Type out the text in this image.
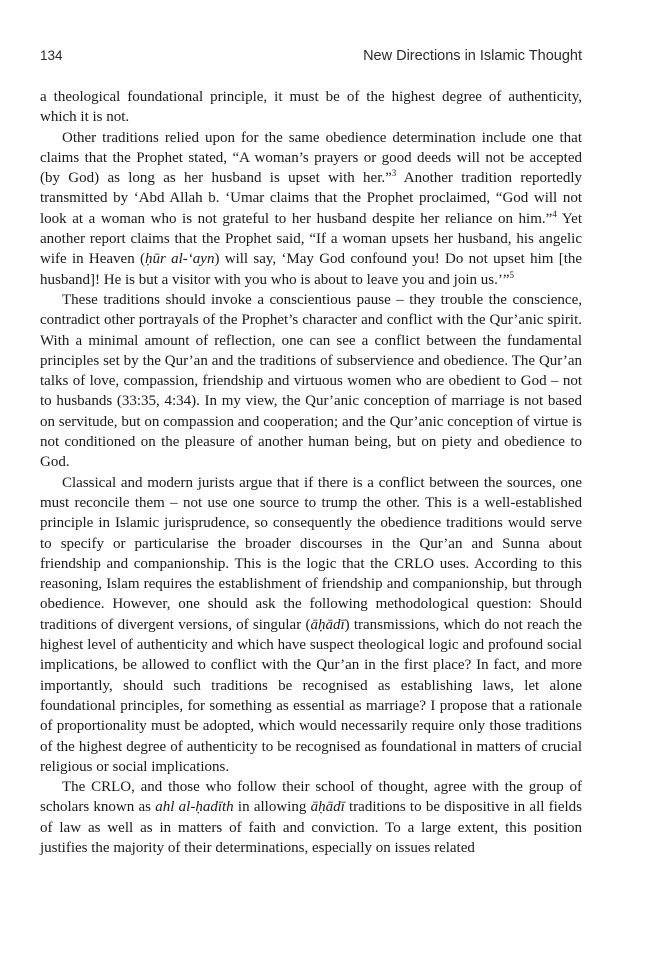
134	New Directions in Islamic Thought

a theological foundational principle, it must be of the highest degree of authenticity, which it is not.

Other traditions relied upon for the same obedience determination include one that claims that the Prophet stated, “A woman’s prayers or good deeds will not be accepted (by God) as long as her husband is upset with her.”$^3$ Another tradition reportedly transmitted by ‘Abd Allah b. ‘Umar claims that the Prophet proclaimed, “God will not look at a woman who is not grateful to her husband despite her reliance on him.”$^4$ Yet another report claims that the Prophet said, “If a woman upsets her husband, his angelic wife in Heaven (ḥūr al-‘ayn) will say, ‘May God confound you! Do not upset him [the husband]! He is but a visitor with you who is about to leave you and join us.’”$^5$

These traditions should invoke a conscientious pause – they trouble the conscience, contradict other portrayals of the Prophet’s character and conflict with the Qur’anic spirit. With a minimal amount of reflection, one can see a conflict between the fundamental principles set by the Qur’an and the traditions of subservience and obedience. The Qur’an talks of love, compassion, friendship and virtuous women who are obedient to God – not to husbands (33:35, 4:34). In my view, the Qur’anic conception of marriage is not based on servitude, but on compassion and cooperation; and the Qur’anic conception of virtue is not conditioned on the pleasure of another human being, but on piety and obedience to God.

Classical and modern jurists argue that if there is a conflict between the sources, one must reconcile them – not use one source to trump the other. This is a well-established principle in Islamic jurisprudence, so consequently the obedience traditions would serve to specify or particularise the broader discourses in the Qur’an and Sunna about friendship and companionship. This is the logic that the CRLO uses. According to this reasoning, Islam requires the establishment of friendship and companionship, but through obedience. However, one should ask the following methodological question: Should traditions of divergent versions, of singular (āḥādī) transmissions, which do not reach the highest level of authenticity and which have suspect theological logic and profound social implications, be allowed to conflict with the Qur’an in the first place? In fact, and more importantly, should such traditions be recognised as establishing laws, let alone foundational principles, for something as essential as marriage? I propose that a rationale of proportionality must be adopted, which would necessarily require only those traditions of the highest degree of authenticity to be recognised as foundational in matters of crucial religious or social implications.

The CRLO, and those who follow their school of thought, agree with the group of scholars known as ahl al-ḥadīth in allowing āḥādī traditions to be dispositive in all fields of law as well as in matters of faith and conviction. To a large extent, this position justifies the majority of their determinations, especially on issues related
